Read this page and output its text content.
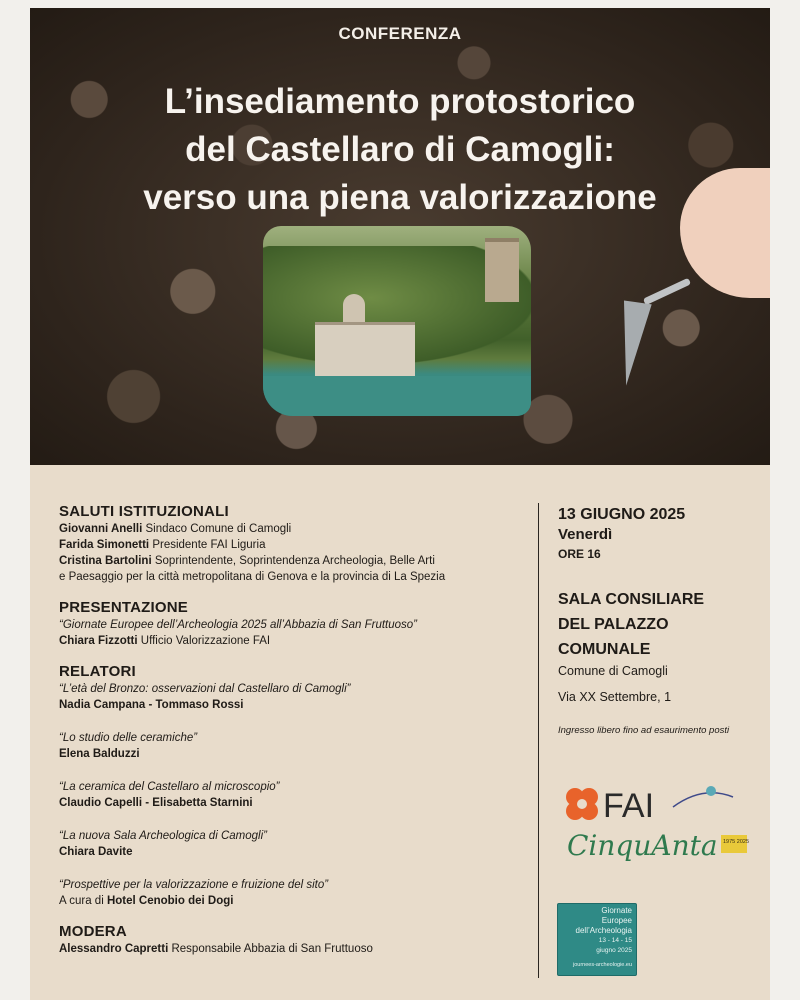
CONFERENZA
L’insediamento protostorico
del Castellaro di Camogli:
verso una piena valorizzazione

SALUTI ISTITUZIONALI

Giovanni Anelli Sindaco Comune di Camogli

Farida Simonetti Presidente FAI Liguria

Cristina Bartolini Soprintendente, Soprintendenza Archeologia, Belle Arti

e Paesaggio per la città metropolitana di Genova e la provincia di La Spezia

PRESENTAZIONE

“Giornate Europee dell’Archeologia 2025 all’Abbazia di San Fruttuoso”

Chiara Fizzotti Ufficio Valorizzazione FAI

RELATORI

“L’età del Bronzo: osservazioni dal Castellaro di Camogli”

Nadia Campana - Tommaso Rossi

“Lo studio delle ceramiche”

Elena Balduzzi

“La ceramica del Castellaro al microscopio”

Claudio Capelli - Elisabetta Starnini

“La nuova Sala Archeologica di Camogli”

Chiara Davite

“Prospettive per la valorizzazione e fruizione del sito”

A cura di Hotel Cenobio dei Dogi

MODERA

Alessandro Capretti Responsabile Abbazia di San Fruttuoso

13 GIUGNO 2025

Venerdì

ORE 16

SALA CONSILIARE

DEL PALAZZO

COMUNALE

Comune di Camogli

Via XX Settembre, 1

Ingresso libero fino ad esaurimento posti

FAI
CinquAnta 1975 2025
Giornate
Europee
dell’Archeologia
13 - 14 - 15
giugno 2025
journees-archeologie.eu
